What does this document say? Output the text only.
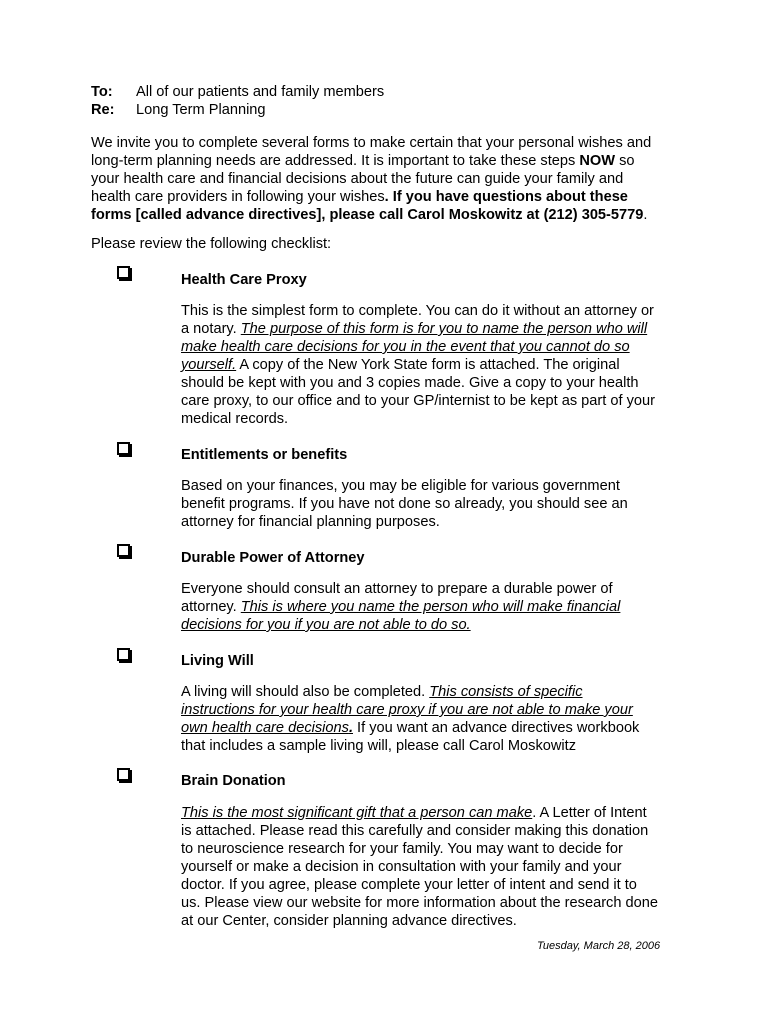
To: All of our patients and family members
Re: Long Term Planning
We invite you to complete several forms to make certain that your personal wishes and
long-term planning needs are addressed. It is important to take these steps NOW so
your health care and financial decisions about the future can guide your family and
health care providers in following your wishes. If you have questions about these
forms [called advance directives], please call Carol Moskowitz at (212) 305-5779.
Please review the following checklist:
Health Care Proxy
This is the simplest form to complete. You can do it without an attorney or
a notary. The purpose of this form is for you to name the person who will
make health care decisions for you in the event that you cannot do so
yourself. A copy of the New York State form is attached. The original
should be kept with you and 3 copies made. Give a copy to your health
care proxy, to our office and to your GP/internist to be kept as part of your
medical records.
Entitlements or benefits
Based on your finances, you may be eligible for various government
benefit programs. If you have not done so already, you should see an
attorney for financial planning purposes.
Durable Power of Attorney
Everyone should consult an attorney to prepare a durable power of
attorney. This is where you name the person who will make financial
decisions for you if you are not able to do so.
Living Will
A living will should also be completed. This consists of specific
instructions for your health care proxy if you are not able to make your
own health care decisions. If you want an advance directives workbook
that includes a sample living will, please call Carol Moskowitz
Brain Donation
This is the most significant gift that a person can make. A Letter of Intent
is attached. Please read this carefully and consider making this donation
to neuroscience research for your family. You may want to decide for
yourself or make a decision in consultation with your family and your
doctor. If you agree, please complete your letter of intent and send it to
us. Please view our website for more information about the research done
at our Center, consider planning advance directives.
Tuesday, March 28, 2006
